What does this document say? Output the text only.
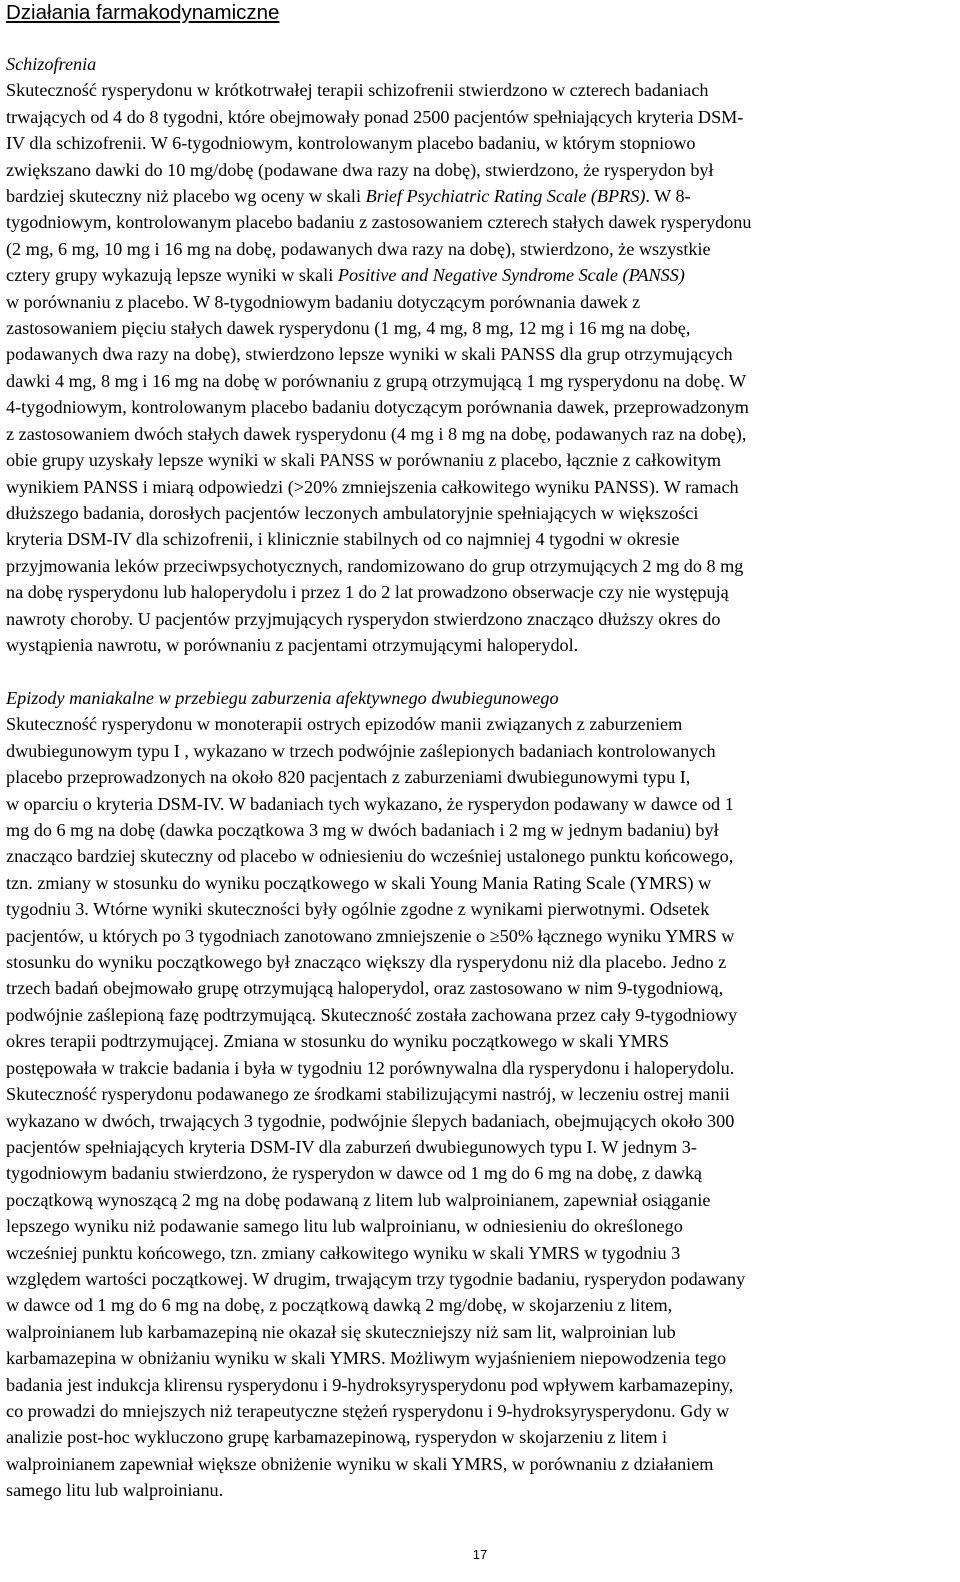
Działania farmakodynamiczne

Schizofrenia

Skuteczność rysperydonu w krótkotrwałej terapii schizofrenii stwierdzono w czterech badaniach
trwających od 4 do 8 tygodni, które obejmowały ponad 2500 pacjentów spełniających kryteria DSM-
IV dla schizofrenii. W 6-tygodniowym, kontrolowanym placebo badaniu, w którym stopniowo
zwiększano dawki do 10 mg/dobę (podawane dwa razy na dobę), stwierdzono, że rysperydon był
bardziej skuteczny niż placebo wg oceny w skali Brief Psychiatric Rating Scale (BPRS). W 8-
tygodniowym, kontrolowanym placebo badaniu z zastosowaniem czterech stałych dawek rysperydonu
(2 mg, 6 mg, 10 mg i 16 mg na dobę, podawanych dwa razy na dobę), stwierdzono, że wszystkie
cztery grupy wykazują lepsze wyniki w skali Positive and Negative Syndrome Scale (PANSS)
w porównaniu z placebo. W 8-tygodniowym badaniu dotyczącym porównania dawek z
zastosowaniem pięciu stałych dawek rysperydonu (1 mg, 4 mg, 8 mg, 12 mg i 16 mg na dobę,
podawanych dwa razy na dobę), stwierdzono lepsze wyniki w skali PANSS dla grup otrzymujących
dawki 4 mg, 8 mg i 16 mg na dobę w porównaniu z grupą otrzymującą 1 mg rysperydonu na dobę. W
4-tygodniowym, kontrolowanym placebo badaniu dotyczącym porównania dawek, przeprowadzonym
z zastosowaniem dwóch stałych dawek rysperydonu (4 mg i 8 mg na dobę, podawanych raz na dobę),
obie grupy uzyskały lepsze wyniki w skali PANSS w porównaniu z placebo, łącznie z całkowitym
wynikiem PANSS i miarą odpowiedzi (>20% zmniejszenia całkowitego wyniku PANSS). W ramach
dłuższego badania, dorosłych pacjentów leczonych ambulatoryjnie spełniających w większości
kryteria DSM-IV dla schizofrenii, i klinicznie stabilnych od co najmniej 4 tygodni w okresie
przyjmowania leków przeciwpsychotycznych, randomizowano do grup otrzymujących 2 mg do 8 mg
na dobę rysperydonu lub haloperydolu i przez 1 do 2 lat prowadzono obserwacje czy nie występują
nawroty choroby. U pacjentów przyjmujących rysperydon stwierdzono znacząco dłuższy okres do
wystąpienia nawrotu, w porównaniu z pacjentami otrzymującymi haloperydol.

Epizody maniakalne w przebiegu zaburzenia afektywnego dwubiegunowego

Skuteczność rysperydonu w monoterapii ostrych epizodów manii związanych z zaburzeniem
dwubiegunowym typu I , wykazano w trzech podwójnie zaślepionych badaniach kontrolowanych
placebo przeprowadzonych na około 820 pacjentach z zaburzeniami dwubiegunowymi typu I,
w oparciu o kryteria DSM-IV. W badaniach tych wykazano, że rysperydon podawany w dawce od 1
mg do 6 mg na dobę (dawka początkowa 3 mg w dwóch badaniach i 2 mg w jednym badaniu) był
znacząco bardziej skuteczny od placebo w odniesieniu do wcześniej ustalonego punktu końcowego,
tzn. zmiany w stosunku do wyniku początkowego w skali Young Mania Rating Scale (YMRS) w
tygodniu 3. Wtórne wyniki skuteczności były ogólnie zgodne z wynikami pierwotnymi. Odsetek
pacjentów, u których po 3 tygodniach zanotowano zmniejszenie o ≥50% łącznego wyniku YMRS w
stosunku do wyniku początkowego był znacząco większy dla rysperydonu niż dla placebo. Jedno z
trzech badań obejmowało grupę otrzymującą haloperydol, oraz zastosowano w nim 9-tygodniową,
podwójnie zaślepioną fazę podtrzymującą. Skuteczność została zachowana przez cały 9-tygodniowy
okres terapii podtrzymującej. Zmiana w stosunku do wyniku początkowego w skali YMRS
postępowała w trakcie badania i była w tygodniu 12 porównywalna dla rysperydonu i haloperydolu.
Skuteczność rysperydonu podawanego ze środkami stabilizującymi nastrój, w leczeniu ostrej manii
wykazano w dwóch, trwających 3 tygodnie, podwójnie ślepych badaniach, obejmujących około 300
pacjentów spełniających kryteria DSM-IV dla zaburzeń dwubiegunowych typu I. W jednym 3-
tygodniowym badaniu stwierdzono, że rysperydon w dawce od 1 mg do 6 mg na dobę, z dawką
początkową wynoszącą 2 mg na dobę podawaną z litem lub walproinianem, zapewniał osiąganie
lepszego wyniku niż podawanie samego litu lub walproinianu, w odniesieniu do określonego
wcześniej punktu końcowego, tzn. zmiany całkowitego wyniku w skali YMRS w tygodniu 3
względem wartości początkowej. W drugim, trwającym trzy tygodnie badaniu, rysperydon podawany
w dawce od 1 mg do 6 mg na dobę, z początkową dawką 2 mg/dobę, w skojarzeniu z litem,
walproinianem lub karbamazepiną nie okazał się skuteczniejszy niż sam lit, walproinian lub
karbamazepina w obniżaniu wyniku w skali YMRS. Możliwym wyjaśnieniem niepowodzenia tego
badania jest indukcja klirensu rysperydonu i 9-hydroksyrysperydonu pod wpływem karbamazepiny,
co prowadzi do mniejszych niż terapeutyczne stężeń rysperydonu i 9-hydroksyrysperydonu. Gdy w
analizie post-hoc wykluczono grupę karbamazepinową, rysperydon w skojarzeniu z litem i
walproinianem zapewniał większe obniżenie wyniku w skali YMRS, w porównaniu z działaniem
samego litu lub walproinianu.
17
